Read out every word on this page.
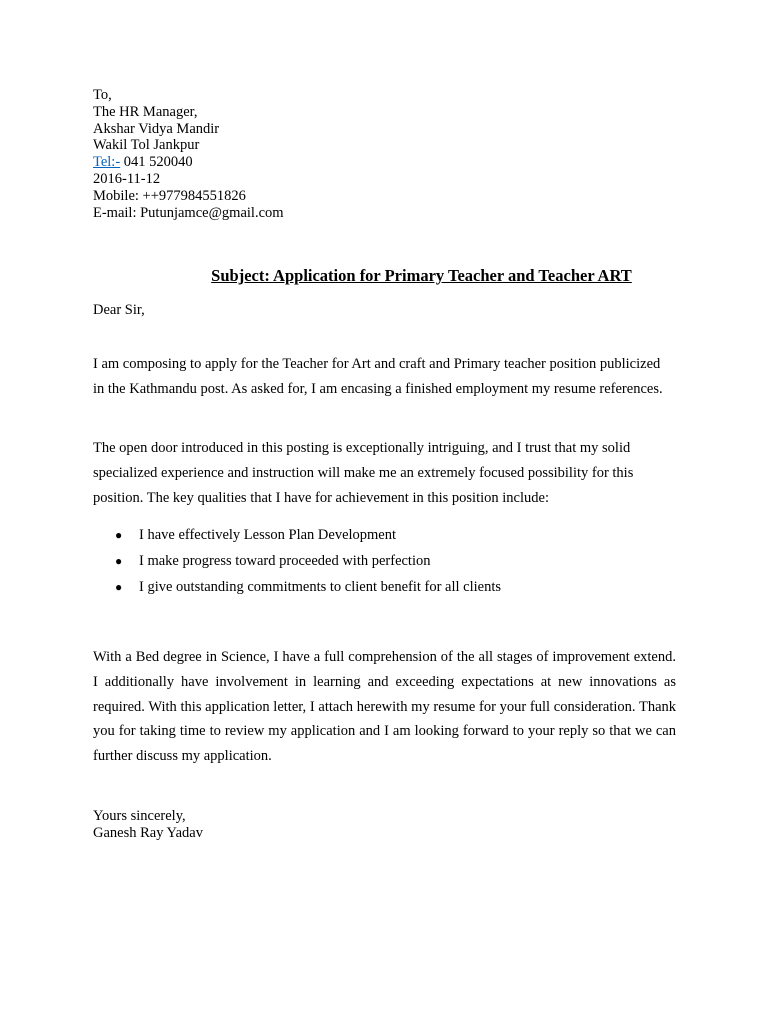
To,
The HR Manager,
Akshar Vidya Mandir
Wakil Tol Jankpur
Tel:- 041 520040
2016-11-12
Mobile: ++977984551826
E-mail: Putunjamce@gmail.com
Subject: Application for Primary Teacher and Teacher ART
Dear Sir,

I am composing to apply for the Teacher for Art and craft and Primary teacher position publicized in the Kathmandu post. As asked for, I am encasing a finished employment my resume references.

The open door introduced in this posting is exceptionally intriguing, and I trust that my solid specialized experience and instruction will make me an extremely focused possibility for this position. The key qualities that I have for achievement in this position include:

● I have effectively Lesson Plan Development
● I make progress toward proceeded with perfection
● I give outstanding commitments to client benefit for all clients

With a Bed degree in Science, I have a full comprehension of the all stages of improvement extend. I additionally have involvement in learning and exceeding expectations at new innovations as required. With this application letter, I attach herewith my resume for your full consideration. Thank you for taking time to review my application and I am looking forward to your reply so that we can further discuss my application.

Yours sincerely,
Ganesh Ray Yadav
